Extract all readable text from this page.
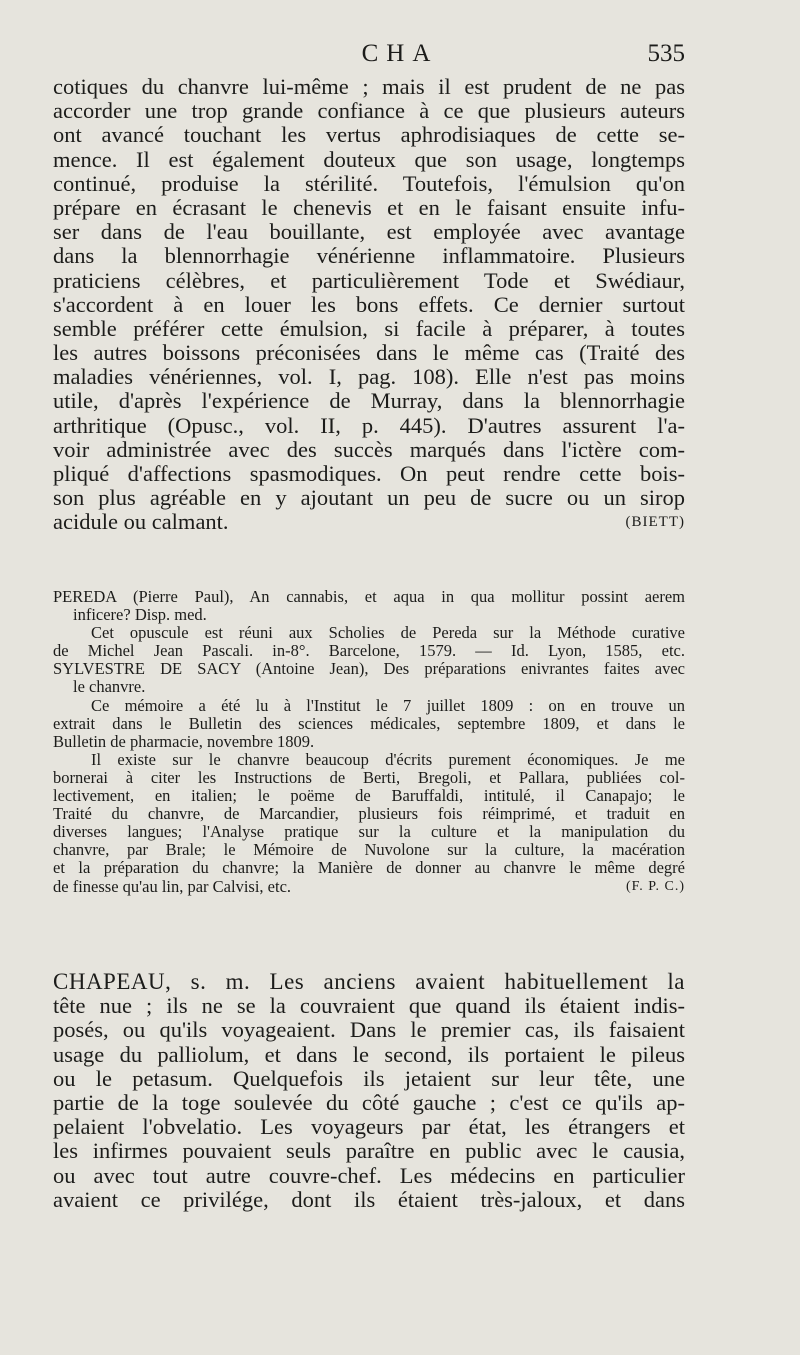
CHA	535
cotiques du chanvre lui-même ; mais il est prudent de ne pas
accorder une trop grande confiance à ce que plusieurs auteurs
ont avancé touchant les vertus aphrodisiaques de cette se-
mence. Il est également douteux que son usage, longtemps
continué, produise la stérilité. Toutefois, l'émulsion qu'on
prépare en écrasant le chenevis et en le faisant ensuite infu-
ser dans de l'eau bouillante, est employée avec avantage
dans la blennorrhagie vénérienne inflammatoire. Plusieurs
praticiens célèbres, et particulièrement Tode et Swédiaur,
s'accordent à en louer les bons effets. Ce dernier surtout
semble préférer cette émulsion, si facile à préparer, à toutes
les autres boissons préconisées dans le même cas (Traité des
maladies vénériennes, vol. I, pag. 108). Elle n'est pas moins
utile, d'après l'expérience de Murray, dans la blennorrhagie
arthritique (Opusc., vol. II, p. 445). D'autres assurent l'a-
voir administrée avec des succès marqués dans l'ictère com-
pliqué d'affections spasmodiques. On peut rendre cette bois-
son plus agréable en y ajoutant un peu de sucre ou un sirop
acidule ou calmant.	(BIETT)
PEREDA (Pierre Paul), An cannabis, et aqua in qua mollitur possint aerem
inficere? Disp. med.
Cet opuscule est réuni aux Scholies de Pereda sur la Méthode curative
de Michel Jean Pascali. in-8°. Barcelone, 1579. — Id. Lyon, 1585, etc.
SYLVESTRE DE SACY (Antoine Jean), Des préparations enivrantes faites avec
le chanvre.
Ce mémoire a été lu à l'Institut le 7 juillet 1809 : on en trouve un
extrait dans le Bulletin des sciences médicales, septembre 1809, et dans le
Bulletin de pharmacie, novembre 1809.
Il existe sur le chanvre beaucoup d'écrits purement économiques. Je me
bornerai à citer les Instructions de Berti, Bregoli, et Pallara, publiées col-
lectivement, en italien; le poëme de Baruffaldi, intitulé, il Canapajo; le
Traité du chanvre, de Marcandier, plusieurs fois réimprimé, et traduit en
diverses langues; l'Analyse pratique sur la culture et la manipulation du
chanvre, par Brale; le Mémoire de Nuvolone sur la culture, la macération
et la préparation du chanvre; la Manière de donner au chanvre le même degré
de finesse qu'au lin, par Calvisi, etc.	(F. P. C.)
CHAPEAU, s. m. Les anciens avaient habituellement la
tête nue ; ils ne se la couvraient que quand ils étaient indis-
posés, ou qu'ils voyageaient. Dans le premier cas, ils faisaient
usage du palliolum, et dans le second, ils portaient le pileus
ou le petasum. Quelquefois ils jetaient sur leur tête, une
partie de la toge soulevée du côté gauche ; c'est ce qu'ils ap-
pelaient l'obvelatio. Les voyageurs par état, les étrangers et
les infirmes pouvaient seuls paraître en public avec le causia,
ou avec tout autre couvre-chef. Les médecins en particulier
avaient ce privilége, dont ils étaient très-jaloux, et dans
